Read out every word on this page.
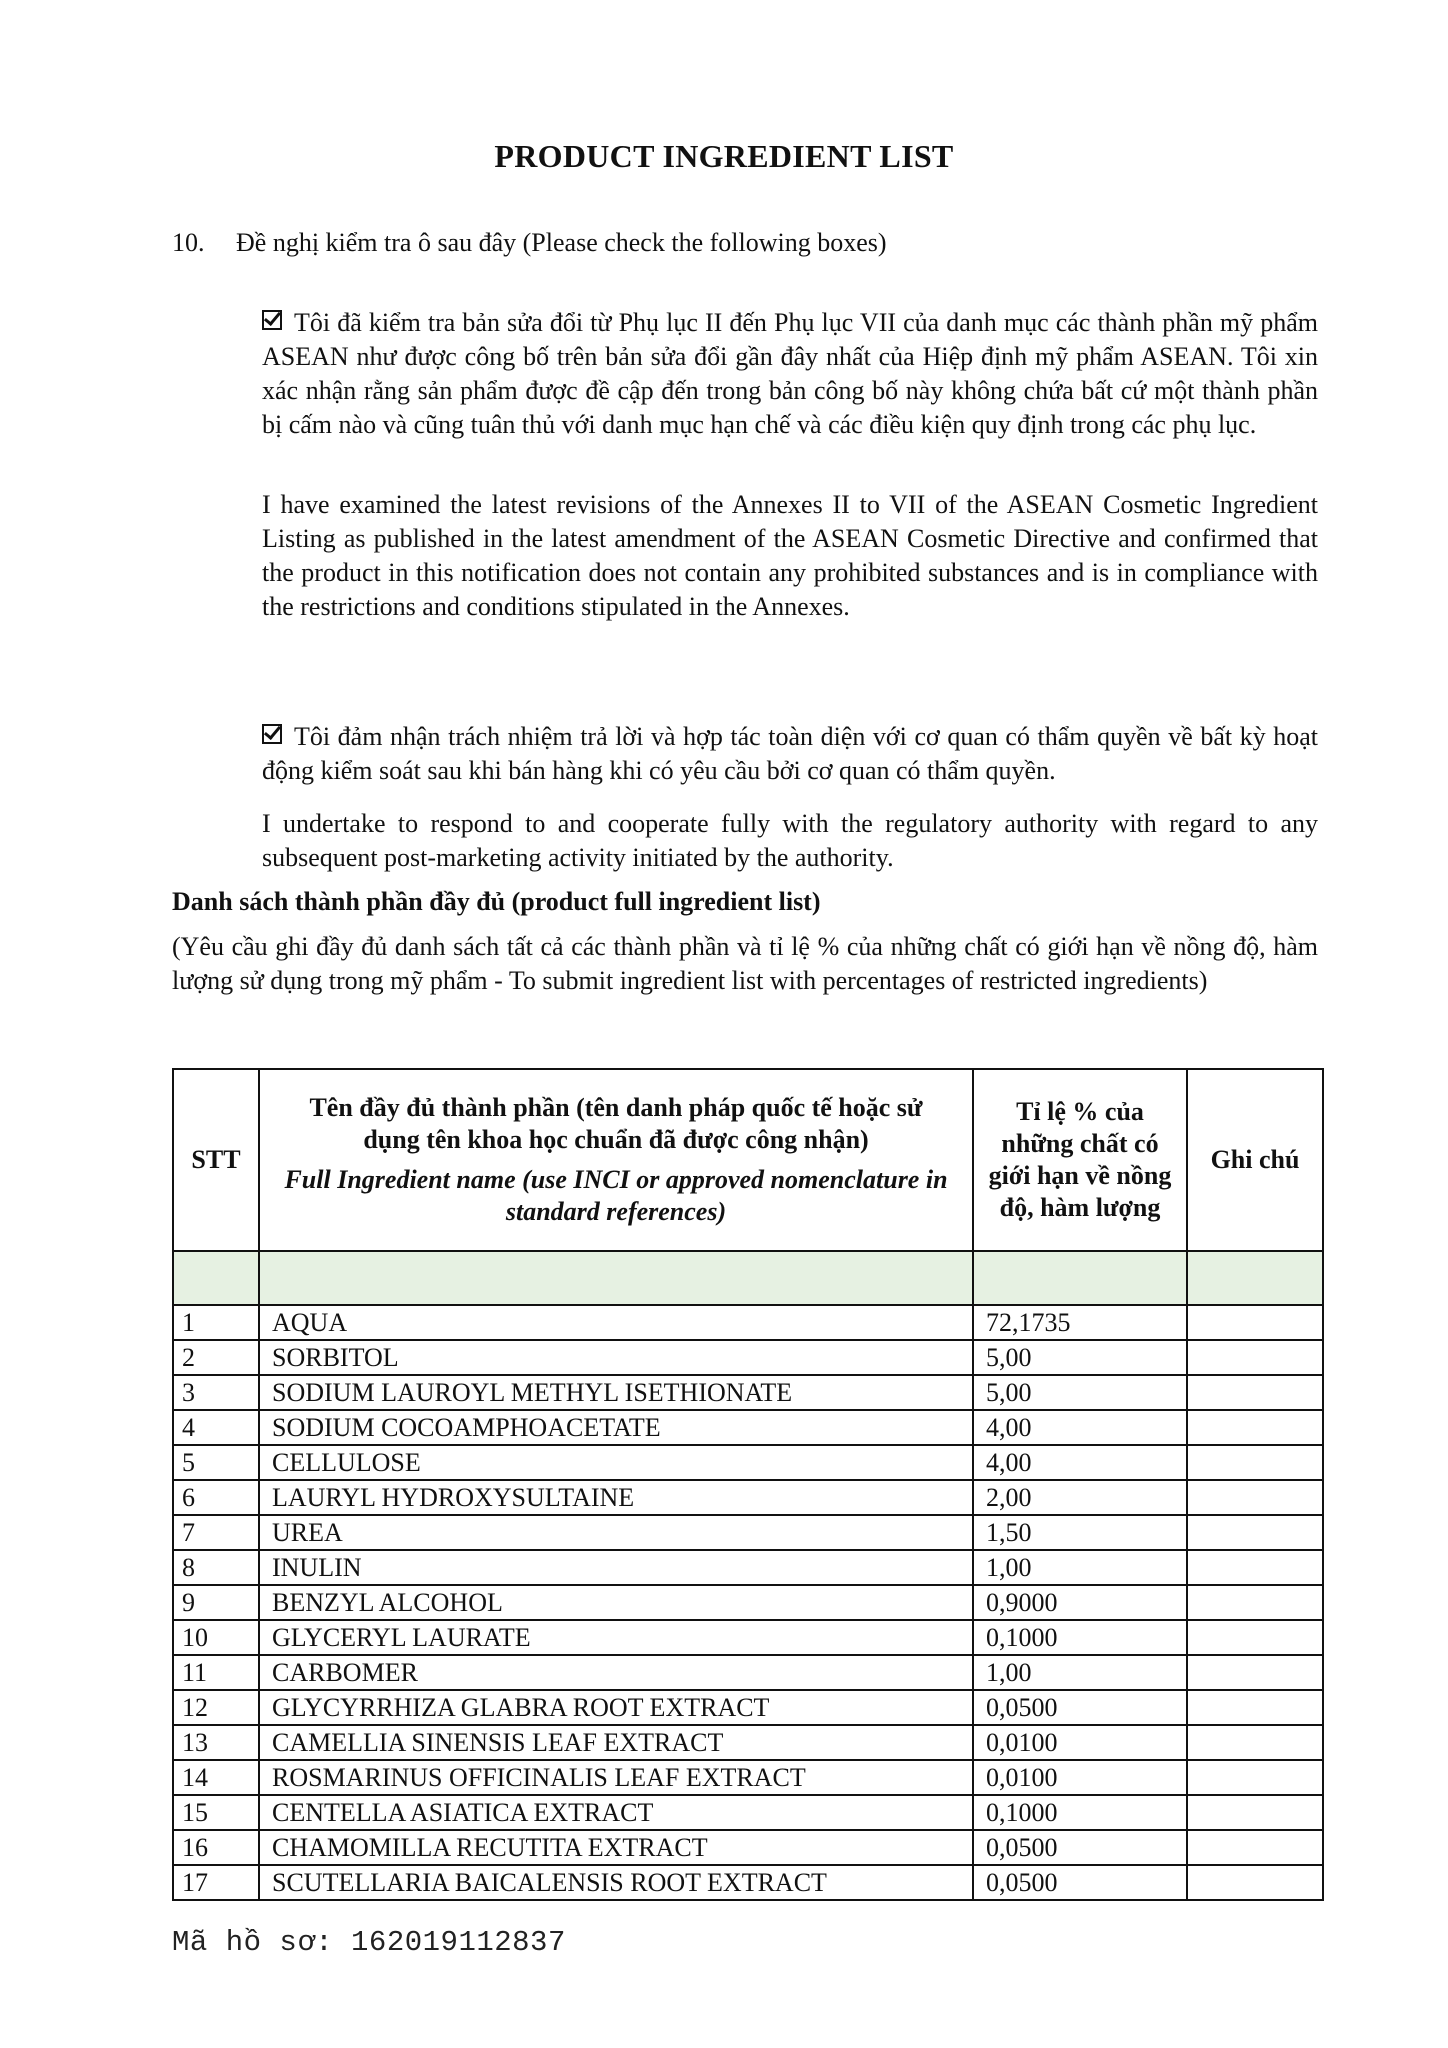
PRODUCT INGREDIENT LIST
10. Đề nghị kiểm tra ô sau đây (Please check the following boxes)
Tôi đã kiểm tra bản sửa đổi từ Phụ lục II đến Phụ lục VII của danh mục các thành phần mỹ phẩm ASEAN như được công bố trên bản sửa đổi gần đây nhất của Hiệp định mỹ phẩm ASEAN. Tôi xin xác nhận rằng sản phẩm được đề cập đến trong bản công bố này không chứa bất cứ một thành phần bị cấm nào và cũng tuân thủ với danh mục hạn chế và các điều kiện quy định trong các phụ lục.
I have examined the latest revisions of the Annexes II to VII of the ASEAN Cosmetic Ingredient Listing as published in the latest amendment of the ASEAN Cosmetic Directive and confirmed that the product in this notification does not contain any prohibited substances and is in compliance with the restrictions and conditions stipulated in the Annexes.
Tôi đảm nhận trách nhiệm trả lời và hợp tác toàn diện với cơ quan có thẩm quyền về bất kỳ hoạt động kiểm soát sau khi bán hàng khi có yêu cầu bởi cơ quan có thẩm quyền.
I undertake to respond to and cooperate fully with the regulatory authority with regard to any subsequent post-marketing activity initiated by the authority.
Danh sách thành phần đầy đủ (product full ingredient list)
(Yêu cầu ghi đầy đủ danh sách tất cả các thành phần và tỉ lệ % của những chất có giới hạn về nồng độ, hàm lượng sử dụng trong mỹ phẩm - To submit ingredient list with percentages of restricted ingredients)
STT	Tên đầy đủ thành phần (tên danh pháp quốc tế hoặc sử dụng tên khoa học chuẩn đã được công nhận)
Full Ingredient name (use INCI or approved nomenclature in standard references)	Tỉ lệ % của những chất có giới hạn về nồng độ, hàm lượng	Ghi chú

1	AQUA	72,1735	
2	SORBITOL	5,00	
3	SODIUM LAUROYL METHYL ISETHIONATE	5,00	
4	SODIUM COCOAMPHOACETATE	4,00	
5	CELLULOSE	4,00	
6	LAURYL HYDROXYSULTAINE	2,00	
7	UREA	1,50	
8	INULIN	1,00	
9	BENZYL ALCOHOL	0,9000	
10	GLYCERYL LAURATE	0,1000	
11	CARBOMER	1,00	
12	GLYCYRRHIZA GLABRA ROOT EXTRACT	0,0500	
13	CAMELLIA SINENSIS LEAF EXTRACT	0,0100	
14	ROSMARINUS OFFICINALIS LEAF EXTRACT	0,0100	
15	CENTELLA ASIATICA EXTRACT	0,1000	
16	CHAMOMILLA RECUTITA EXTRACT	0,0500	
17	SCUTELLARIA BAICALENSIS ROOT EXTRACT	0,0500	
Mã hồ sơ: 162019112837
